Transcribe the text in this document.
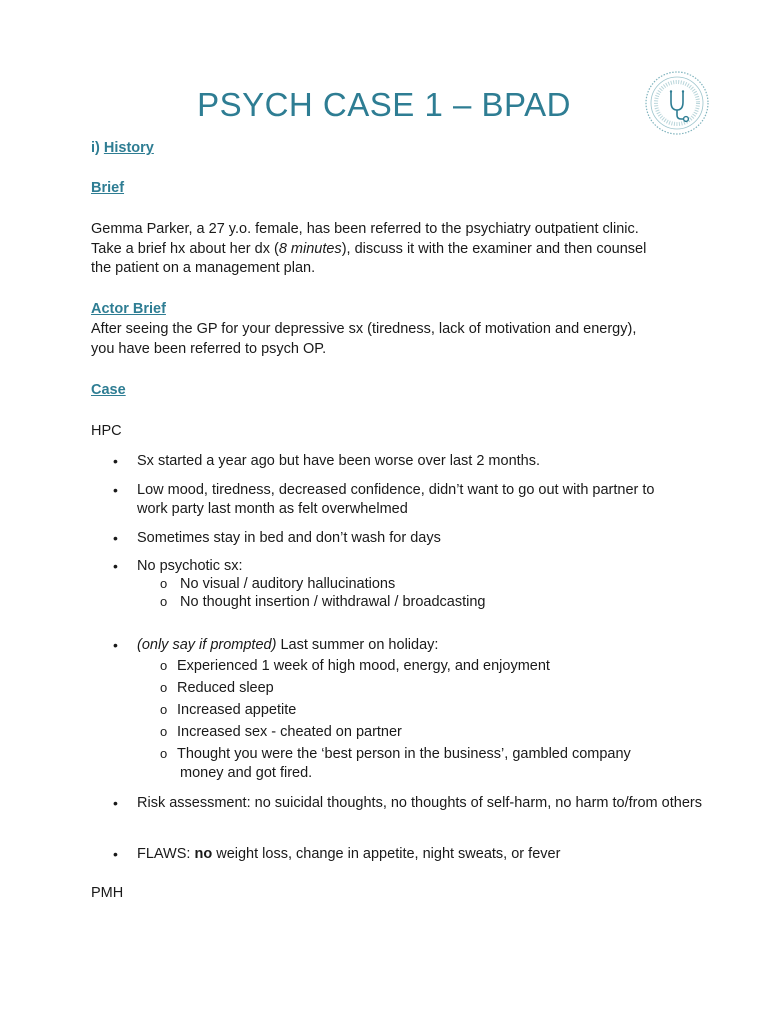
PSYCH CASE 1 – BPAD
i) History
Brief
Gemma Parker, a 27 y.o. female, has been referred to the psychiatry outpatient clinic.
Take a brief hx about her dx (8 minutes), discuss it with the examiner and then counsel
the patient on a management plan.
Actor Brief
After seeing the GP for your depressive sx (tiredness, lack of motivation and energy),
you have been referred to psych OP.
Case
HPC
• Sx started a year ago but have been worse over last 2 months.
• Low mood, tiredness, decreased confidence, didn’t want to go out with partner to
work party last month as felt overwhelmed
• Sometimes stay in bed and don’t wash for days
• No psychotic sx:
o No visual / auditory hallucinations
o No thought insertion / withdrawal / broadcasting
• (only say if prompted) Last summer on holiday:
o Experienced 1 week of high mood, energy, and enjoyment
o Reduced sleep
o Increased appetite
o Increased sex - cheated on partner
o Thought you were the ‘best person in the business’, gambled company
money and got fired.
• Risk assessment: no suicidal thoughts, no thoughts of self-harm, no harm to/from others
• FLAWS: no weight loss, change in appetite, night sweats, or fever
PMH
